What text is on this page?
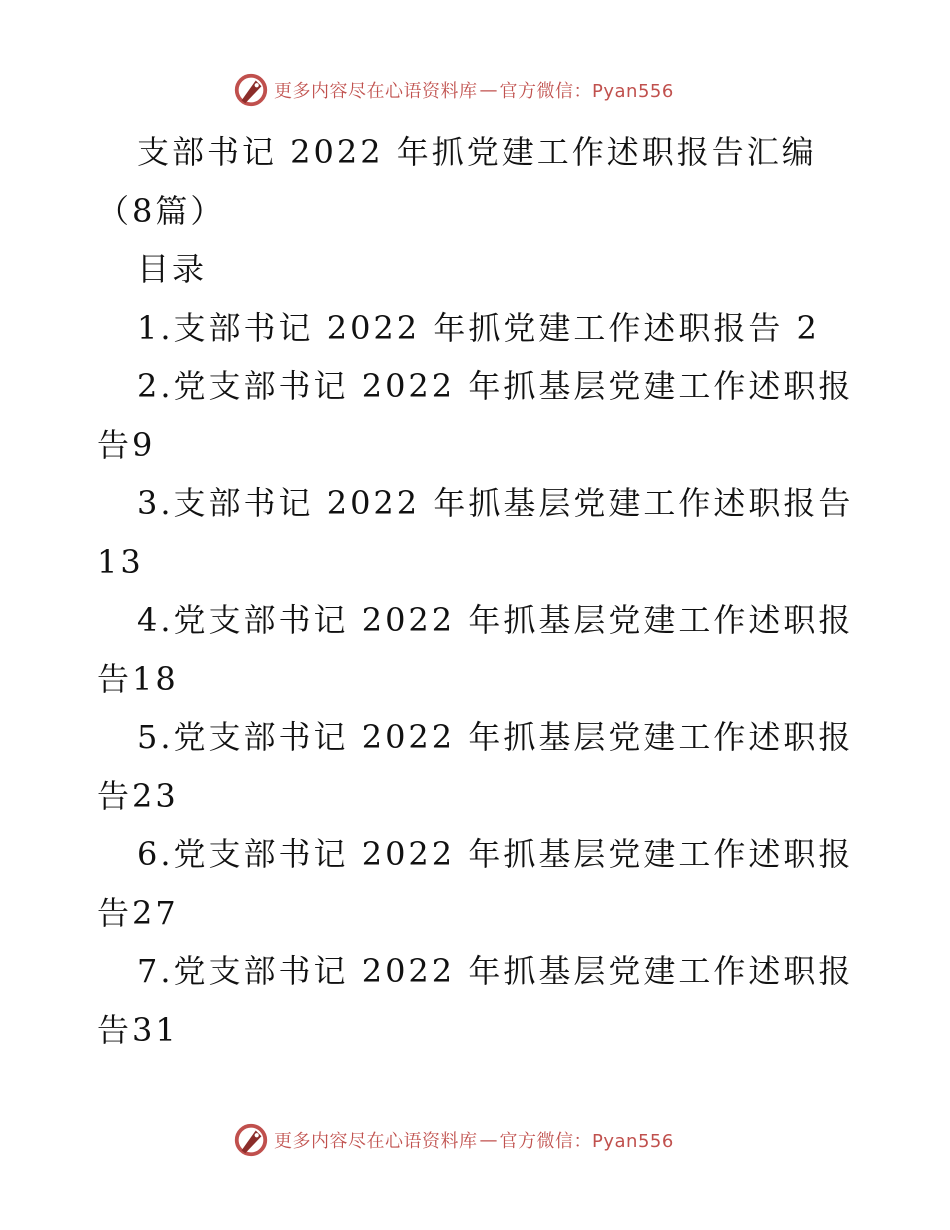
更多内容尽在心语资料库 — 官方微信：Pyan556

支部书记 2022 年抓党建工作述职报告汇编（8篇）

目录

1.支部书记 2022 年抓党建工作述职报告 2

2.党支部书记 2022 年抓基层党建工作述职报告9

3.支部书记 2022 年抓基层党建工作述职报告 13

4.党支部书记 2022 年抓基层党建工作述职报告18

5.党支部书记 2022 年抓基层党建工作述职报告23

6.党支部书记 2022 年抓基层党建工作述职报告27

7.党支部书记 2022 年抓基层党建工作述职报告31

更多内容尽在心语资料库 — 官方微信：Pyan556
